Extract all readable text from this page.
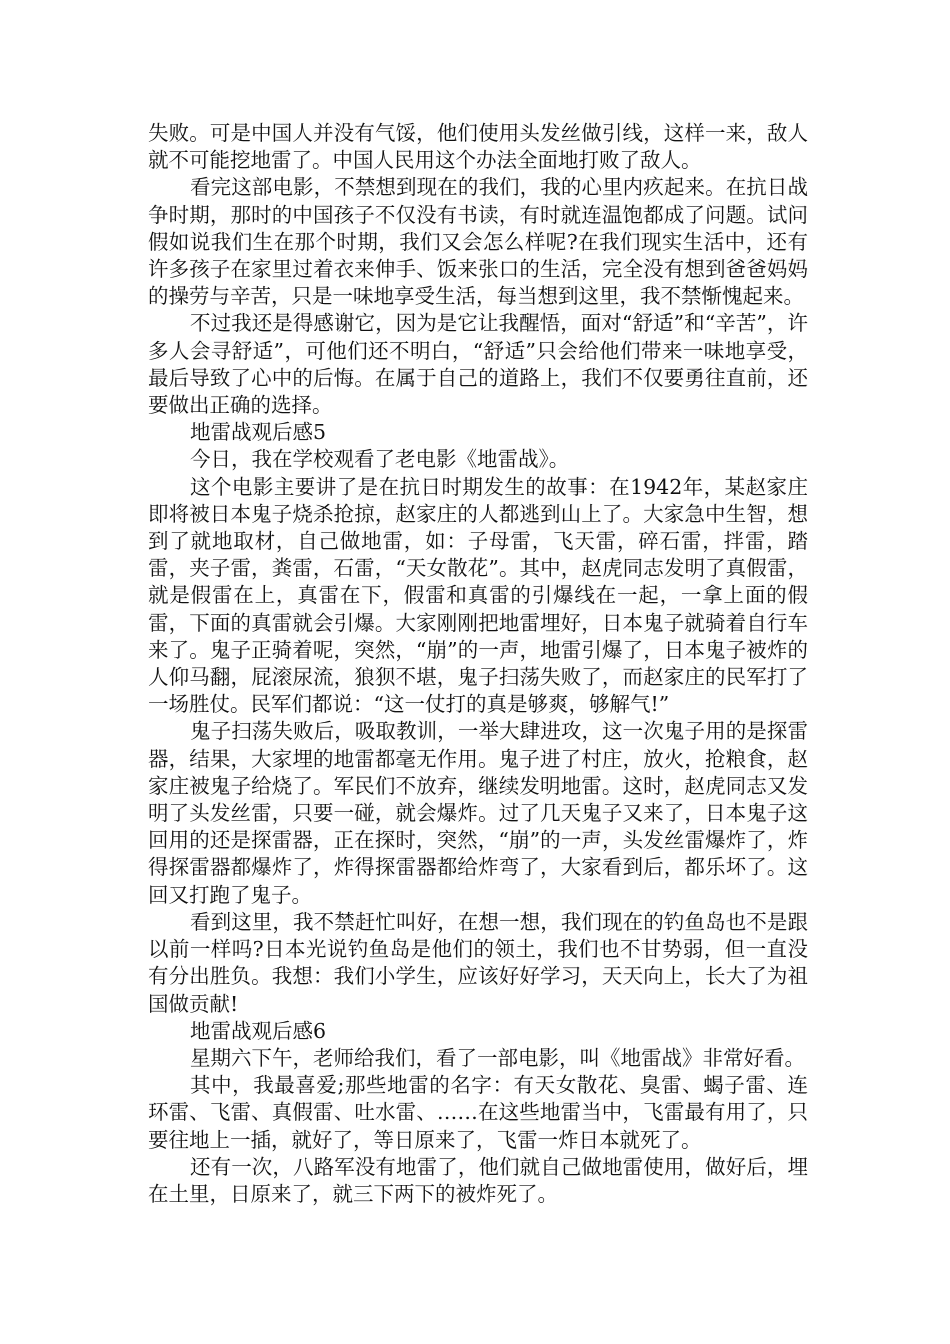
失败。可是中国人并没有气馁，他们使用头发丝做引线，这样一来，敌人就不可能挖地雷了。中国人民用这个办法全面地打败了敌人。

看完这部电影，不禁想到现在的我们，我的心里内疚起来。在抗日战争时期，那时的中国孩子不仅没有书读，有时就连温饱都成了问题。试问假如说我们生在那个时期，我们又会怎么样呢?在我们现实生活中，还有许多孩子在家里过着衣来伸手、饭来张口的生活，完全没有想到爸爸妈妈的操劳与辛苦，只是一味地享受生活，每当想到这里，我不禁惭愧起来。

不过我还是得感谢它，因为是它让我醒悟，面对“舒适”和“辛苦”，许多人会寻舒适”，可他们还不明白，“舒适”只会给他们带来一味地享受，最后导致了心中的后悔。在属于自己的道路上，我们不仅要勇往直前，还要做出正确的选择。

地雷战观后感5

今日，我在学校观看了老电影《地雷战》。

这个电影主要讲了是在抗日时期发生的故事：在1942年，某赵家庄即将被日本鬼子烧杀抢掠，赵家庄的人都逃到山上了。大家急中生智，想到了就地取材，自己做地雷，如：子母雷，飞天雷，碎石雷，拌雷，踏雷，夹子雷，粪雷，石雷，“天女散花”。其中，赵虎同志发明了真假雷，就是假雷在上，真雷在下，假雷和真雷的引爆线在一起，一拿上面的假雷，下面的真雷就会引爆。大家刚刚把地雷埋好，日本鬼子就骑着自行车来了。鬼子正骑着呢，突然，“崩”的一声，地雷引爆了，日本鬼子被炸的人仰马翻，屁滚尿流，狼狈不堪，鬼子扫荡失败了，而赵家庄的民军打了一场胜仗。民军们都说：“这一仗打的真是够爽，够解气!”

鬼子扫荡失败后，吸取教训，一举大肆进攻，这一次鬼子用的是探雷器，结果，大家埋的地雷都毫无作用。鬼子进了村庄，放火，抢粮食，赵家庄被鬼子给烧了。军民们不放弃，继续发明地雷。这时，赵虎同志又发明了头发丝雷，只要一碰，就会爆炸。过了几天鬼子又来了，日本鬼子这回用的还是探雷器，正在探时，突然，“崩”的一声，头发丝雷爆炸了，炸得探雷器都爆炸了，炸得探雷器都给炸弯了，大家看到后，都乐坏了。这回又打跑了鬼子。

看到这里，我不禁赶忙叫好，在想一想，我们现在的钓鱼岛也不是跟以前一样吗?日本光说钓鱼岛是他们的领土，我们也不甘势弱，但一直没有分出胜负。我想：我们小学生，应该好好学习，天天向上，长大了为祖国做贡献!

地雷战观后感6

星期六下午，老师给我们，看了一部电影，叫《地雷战》非常好看。

其中，我最喜爱;那些地雷的名字：有天女散花、臭雷、蝎子雷、连环雷、飞雷、真假雷、吐水雷、……在这些地雷当中，飞雷最有用了，只要往地上一插，就好了，等日原来了，飞雷一炸日本就死了。

还有一次，八路军没有地雷了，他们就自己做地雷使用，做好后，埋在土里，日原来了，就三下两下的被炸死了。
